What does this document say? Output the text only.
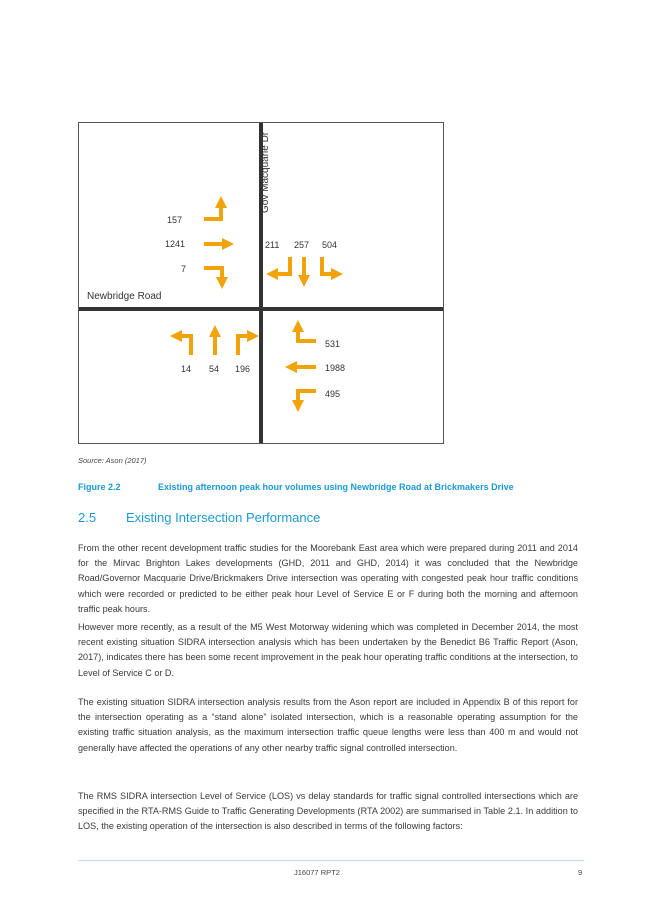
Newbridge Road
Gov Macquarie Dr
157
1241
7
211 257 504
14 54 196
531
1988
495
Source: Ason (2017)
Figure 2.2	Existing afternoon peak hour volumes using Newbridge Road at Brickmakers Drive
2.5 Existing Intersection Performance

From the other recent development traffic studies for the Moorebank East area which were prepared during 2011 and 2014 for the Mirvac Brighton Lakes developments (GHD, 2011 and GHD, 2014) it was concluded that the Newbridge Road/Governor Macquarie Drive/Brickmakers Drive intersection was operating with congested peak hour traffic conditions which were recorded or predicted to be either peak hour Level of Service E or F during both the morning and afternoon traffic peak hours.

However more recently, as a result of the M5 West Motorway widening which was completed in December 2014, the most recent existing situation SIDRA intersection analysis which has been undertaken by the Benedict B6 Traffic Report (Ason, 2017), indicates there has been some recent improvement in the peak hour operating traffic conditions at the intersection, to Level of Service C or D.

The existing situation SIDRA intersection analysis results from the Ason report are included in Appendix B of this report for the intersection operating as a “stand alone” isolated intersection, which is a reasonable operating assumption for the existing traffic situation analysis, as the maximum intersection traffic queue lengths were less than 400 m and would not generally have affected the operations of any other nearby traffic signal controlled intersection.

The RMS SIDRA intersection Level of Service (LOS) vs delay standards for traffic signal controlled intersections which are specified in the RTA-RMS Guide to Traffic Generating Developments (RTA 2002) are summarised in Table 2.1. In addition to LOS, the existing operation of the intersection is also described in terms of the following factors:

J16077 RPT2	9
